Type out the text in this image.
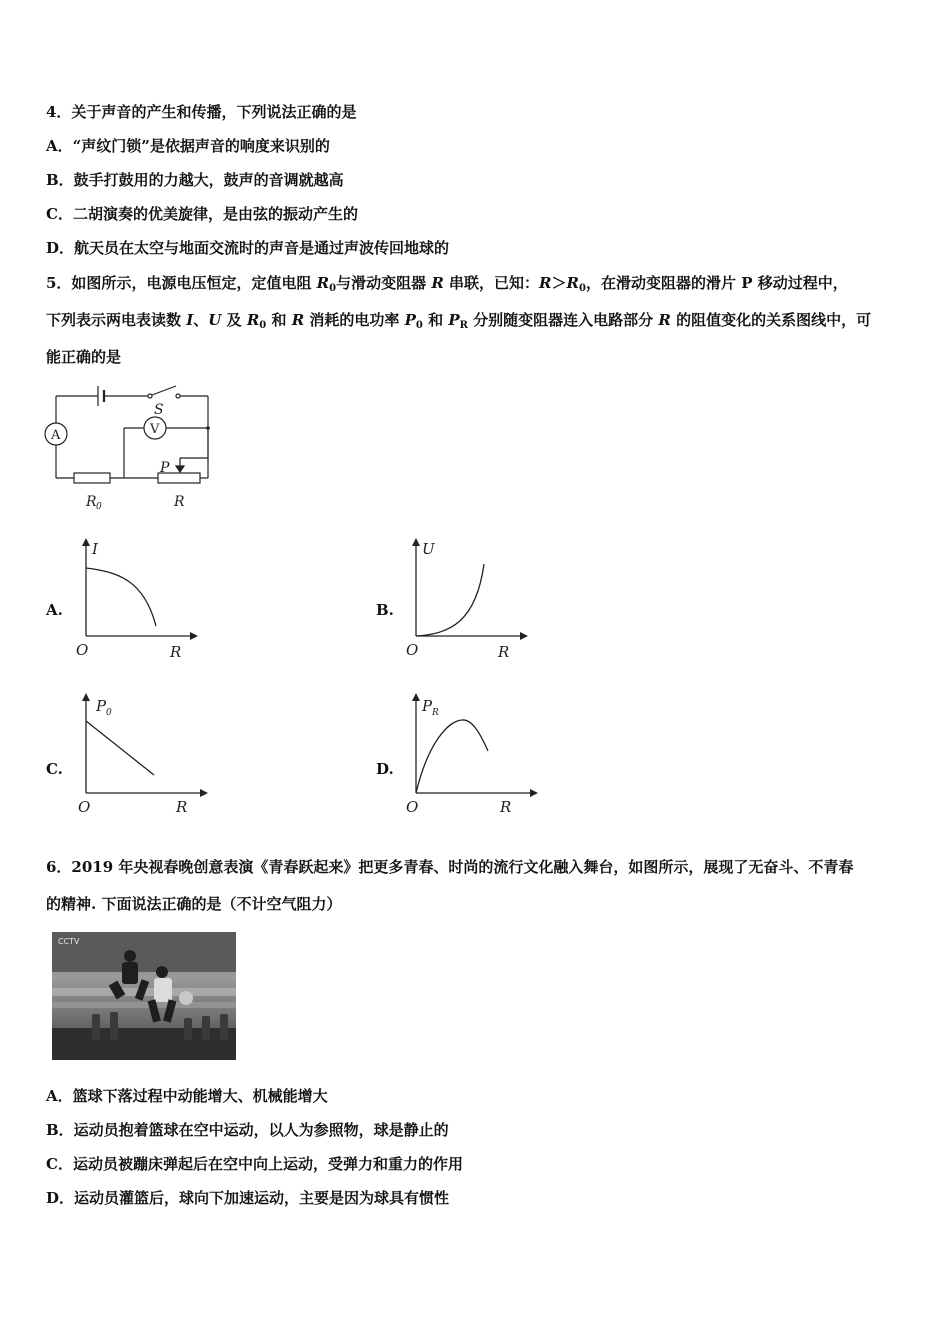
4．关于声音的产生和传播，下列说法正确的是
A．“声纹门锁”是依据声音的响度来识别的
B．鼓手打鼓用的力越大，鼓声的音调就越高
C．二胡演奏的优美旋律，是由弦的振动产生的
D．航天员在太空与地面交流时的声音是通过声波传回地球的
5．如图所示，电源电压恒定，定值电阻 $R_0$与滑动变阻器 R 串联，已知：$R>R_0$，在滑动变阻器的滑片 P 移动过程中，
下列表示两电表读数 I、U 及 $R_0$ 和 R 消耗的电功率 $P_0$ 和 $P_R$ 分别随变阻器连入电路部分 R 的阻值变化的关系图线中，可
能正确的是
A	V
S
P
R 0	R
A.
I
O	R
B.
U
O	R
C.
P 0
O	R
D.
P R
O	R
6．2019 年央视春晚创意表演《青春跃起来》把更多青春、时尚的流行文化融入舞台，如图所示，展现了无奋斗、不青春
的精神. 下面说法正确的是（不计空气阻力）
CCTV
A．篮球下落过程中动能增大、机械能增大
B．运动员抱着篮球在空中运动，以人为参照物，球是静止的
C．运动员被蹦床弹起后在空中向上运动，受弹力和重力的作用
D．运动员灌篮后，球向下加速运动，主要是因为球具有惯性
